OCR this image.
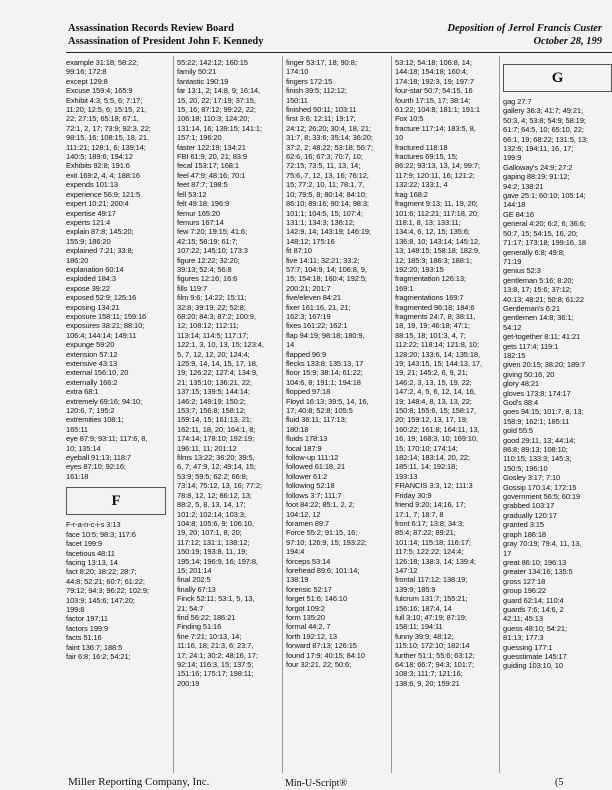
Assassination Records Review Board
Assassination of President John F. Kennedy
Deposition of Jerrol Francis Custer
October 28, 199
example 31:18; 58:22;
99:16; 172:8
except 129:8
Excuse 159:4; 165:9
Exhibit 4:3; 5:5, 6; 7:17;
11:20; 12:5, 6; 15:15, 21,
22; 27:15; 65:18; 67:1,
72:1, 2, 17; 73:9; 92:3, 22;
98:15, 16; 108:15, 18, 21,
111:21; 128:1, 6; 139:14;
140:5; 189:6; 194:12
Exhibits 92:8; 191:6
exit 169:2, 4, 4; 188:16
expends 101:13
experience 56:9; 121:5
expert 10:21; 200:4
expertise 49:17
experts 121:4
explain 87:8; 145:20;
155:9; 186:20
explained 7:21; 33:8;
186:20
explanation 60:14
exploded 184:3
expose 39:22
exposed 52:9; 125:16
exposing 134:21
exposure 158:11; 159:16
exposures 38:21; 88:10;
106:4; 144:14; 149:11
expunge 59:20
extension 57:12
extensive 43:13
external 156:10, 20
externally 166:2
extra 68:1
extremely 69:16; 94:10;
120:6, 7; 195:2
extremities 108:1;
165:11
eye 87:9; 93:11; 117:6, 8,
10; 135:14
eyeball 91:13; 118:7
eyes 87:10; 92:16;
161:18
F
F-r-a-n-c-i-s 3:13
face 10:5; 98:3; 117:6
facet 199:9
facetious 48:11
facing 13:13, 14
fact 8:20; 18:22; 28:7;
44:8; 52:21; 60:7; 61:22;
79:12; 94:3; 96:22; 102:9;
103:9; 145:6; 147:20;
199:8
factor 197:11
factors 199:9
facts 51:16
faint 136:7; 188:5
fair 6:8; 16:2; 54:21;
55:22; 142:12; 160:15
family 50:21
fantastic 190:19
far 13:1, 2; 14:8, 9; 16:14,
15, 20, 22; 17:19; 37:15,
15, 16; 87:12; 99:22, 22;
106:18; 110:3; 124:20;
131:14, 16; 139:15; 141:1;
157:1; 196:20
faster 122:19; 134:21
FBI 61:9, 20, 21; 83:9
fecal 153:17; 168:1
feel 47:9; 48:16; 70:1
feet 87:7; 198:5
fell 53:12
felt 49:18; 196:9
femur 165:20
femurs 167:14
few 7:20; 19:15; 41:6;
42:15; 58:19; 61:7;
107:22; 145:10; 173:3
figure 12:22; 32:20;
39:13; 52:4; 56:8
figures 12:16; 16:6
fills 119:7
film 9:6; 14:22; 15:11;
32:8; 39:19, 22; 52:8;
68:20; 84:3; 87:2; 100:9,
12; 108:12; 112:11;
113:14; 114:5; 117:17;
122:1, 3, 10, 13, 15; 123:4,
5, 7, 12, 12, 20; 124:4;
125:9, 14, 14, 15, 17, 18,
19; 126:22; 127:4; 134:9,
21; 135:10; 136:21, 22;
137:15; 139:5; 144:14;
146:2; 149:19; 150:2;
153:7; 156:8; 158:12;
159:14, 15; 161:13, 21;
162:11, 18, 20; 164:1, 8;
174:14; 178:10; 192:19;
196:11, 11; 201:12
films 13:22; 36:20; 39:5,
6, 7; 47:9, 12; 49:14, 15;
53:9; 59:5; 62:2; 66:8;
73:14; 75:12, 13, 16; 77:2;
78:8, 12, 12; 86:12, 13;
88:2, 5, 8, 13, 14, 17;
101:2; 102:14; 103:3;
104:8; 105:6, 9; 106:10,
19, 20; 107:1, 8, 20;
117:12; 131:1; 138:12;
150:19; 193:8, 11, 19;
195:14; 196:9, 16; 197:8,
15; 201:14
final 202:5
finally 67:13
Finck 52:11; 53:1, 5, 13,
21; 54:7
find 56:22; 186:21
Finding 51:16
fine 7:21; 10:13, 14;
11:16, 18; 21:3, 6; 23:7,
17; 24:1; 30:2; 48:16, 17;
92:14; 116:3, 15; 137:5;
151:16; 175:17; 198:11;
200:19
finger 53:17, 18; 90:8;
174:10
fingers 172:15
finish 39:5; 112:12;
150:11
finished 50:11; 103:11
first 3:6; 12:11; 19:17;
24:12; 26:20; 30:4, 18, 21;
31:7, 8; 33:6; 35:14; 36:20;
37:2, 2; 48:22; 53:18; 56:7;
62:6, 16; 67:3; 70:7, 10;
72:15; 73:5, 11, 13, 14;
75:6, 7, 12, 13, 16; 76:12,
15; 77:2, 10, 11; 78:1, 7,
10; 79:5, 8; 80:14; 84:10;
86:10; 89:16; 90:14; 98:3;
101:1; 104:5, 15; 107:4;
131:1; 134:3; 136:12;
142:9, 14; 143:19; 146:19;
148:12; 175:16
fit 87:10
five 14:11; 32:21; 33:2;
57:7; 104:9, 14; 106:8, 9,
15; 154:18; 160:4; 192:5;
200:21; 201:7
five/eleven 84:21
fixer 161:16, 21, 21;
162:3; 167:19
fixes 161:22; 162:1
flap 94:19; 98:18; 180:9,
14
flapped 96:9
flecks 133:8; 135:13, 17
floor 15:9; 38:14; 61:22;
104:6, 8; 191:1; 194:18
flopped 97:18
Floyd 16:13; 39:5, 14, 16,
17; 40:8; 52:8; 105:5
fluid 36:11; 117:13;
180:18
fluids 178:13
focal 187:9
follow-up 111:12
followed 61:18, 21
follower 61:2
following 52:18
follows 3:7; 111:7
foot 84:22; 85:1, 2, 2;
104:12, 12
foramen 89:7
Force 55:2; 91:15, 16;
97:10; 126:9, 15; 193:22;
194:4
forceps 53:14
forehead 89:6; 101:14;
138:19
forensic 52:17
forget 51:6; 146:10
forgot 109:2
form 135:20
formal 44:2, 7
forth 192:12, 13
forward 87:13; 126:15
found 17:9; 40:15; 84:10
four 32:21, 22; 50:6;
53:12; 54:18; 106:8, 14;
144:18; 154:18; 160:4;
174:18; 192:3, 19; 197:7
four-star 50:7; 54:15, 16
fourth 17:15, 17; 38:14;
61:22; 104:8; 181:1; 191:1
Fox 10:5
fracture 117:14; 183:5, 8,
10
fractured 118:18
fractures 69:15, 15;
86:22; 93:13, 13, 14; 99:7;
117:9; 120:11, 16; 121:2;
132:22; 133:1, 4
frag 168:2
fragment 9:13; 11, 19, 20;
101:6; 112:21; 117:18, 20;
118:1, 8, 13; 133:11;
134:4, 6, 12, 15; 135:6;
136:8, 10; 143:14; 145:12,
13; 148:15; 158:18; 182:9,
12; 185:3; 186:3; 188:1;
192:20; 193:15
fragmentation 126:13;
169:1
fragmentations 169:7
fragmented 96:18; 184:6
fragments 24:7, 8; 38:11,
18, 19, 19; 46:18; 47:1;
88:15, 18; 101:3, 4, 7;
112:22; 118:14; 121:8, 10;
128:20; 133:6, 14; 135:18,
19; 143:15, 15; 144:13, 17,
19, 21; 145:2, 6, 9, 21;
146:2, 3, 13, 15, 19, 22;
147:2, 4, 5, 6, 12, 14, 16,
19; 148:4, 8, 13, 13, 22;
150:8; 155:6, 15; 158:17,
20; 159:12, 13, 17, 19;
160:22; 161:8; 164:11, 13,
16, 19; 168:3, 10; 169:10,
15; 170:10; 174:14;
182:14; 183:14, 20, 22;
185:11, 14; 192:18;
193:13
FRANCIS 3:3, 12; 111:3
Friday 30:9
friend 9:20; 14:16, 17;
17:1, 7; 18:7, 8
front 6:17; 13:8; 34:3;
85:4; 87:22; 89:21;
101:14; 115:18; 116:17;
117:5; 122:22; 124:4;
126:18; 138:3, 14; 139:4;
147:12
frontal 117:12; 138:19;
139:9; 185:9
fulcrum 131:7; 155:21;
156:16; 187:4, 14
full 3:10; 47:19; 87:19;
158:11; 194:11
funny 39:9; 48:12;
115:10; 172:10; 182:14
further 51:1; 55:6; 63:12;
64:18; 66:7; 94:3; 101:7;
108:3; 111:7; 121:16;
138:6, 9, 20; 159:21
G
gag 27:7
gallery 36:3; 41:7; 49:21;
50:3, 4; 53:8; 54:9; 58:19;
61:7; 64:5, 10; 65:10, 22;
66:1, 19; 68:22; 131:5, 13;
132:6; 194:11, 16, 17;
199:9
Galloway's 24:9; 27:2
gaping 88:19; 91:12;
94:2; 138:21
gave 25:1; 60:10; 105:14;
144:18
GE 84:16
general 4:20; 6:2, 6; 36:6;
50:7, 15; 54:15, 16, 20;
71:17; 173:18; 199:16, 18
generally 6:8; 49:8;
71:19
genius 52:3
gentleman 5:16; 8:20;
13:8, 17; 15:6; 37:12;
40:13; 48:21; 50:8; 61:22
Gentleman's 6:21
gentlemen 14:8; 36:1;
54:12
get-together 8:11; 41:21
gets 117:4; 119:1
182:15
given 20:15; 38:20; 189:7
giving 50:16, 20
glory 48:21
gloves 173:8; 174:17
God's 88:4
goes 94:15; 101:7, 8, 13;
158:9; 162:1; 185:11
gold 55:5
good 29:11, 13; 44:14;
86:8; 89:13; 108:10;
110:15; 133:3; 145:3;
150:5; 196:10
Gosley 3:17; 7:10
Gossip 170:14; 172:15
government 56:5; 60:19
grabbed 103:17
gradually 120:17
granted 3:15
graph 186:18
gray 70:19; 79:4, 11, 13,
17
great 86:10; 196:13
greater 134:16; 135:5
gross 127:18
group 196:22
guard 62:14; 110:4
guards 7:6; 14:6, 2
42:11; 45:13
guess 48:10; 54:21;
81:13; 177:3
guessing 177:1
guesstimate 145:17
guiding 103:10, 10
Miller Reporting Company, Inc.	Min-U-Script®	(5
